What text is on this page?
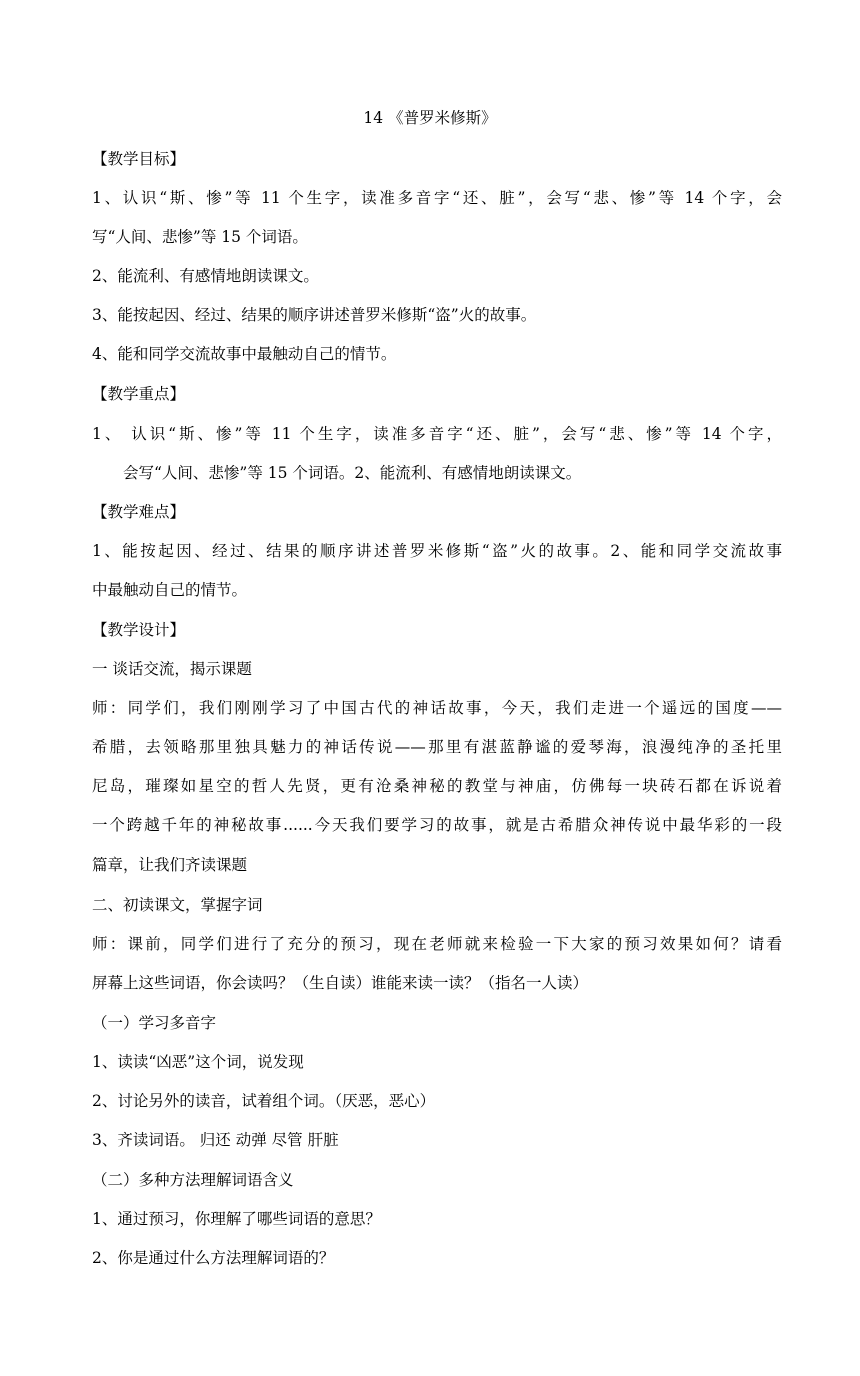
14 《普罗米修斯》
【教学目标】
1、认识“斯、惨”等 11 个生字，读准多音字“还、脏”，会写“悲、惨”等 14 个字，会
写“人间、悲惨”等 15 个词语。
2、能流利、有感情地朗读课文。
3、能按起因、经过、结果的顺序讲述普罗米修斯“盗”火的故事。
4、能和同学交流故事中最触动自己的情节。
【教学重点】
1、 认识“斯、惨”等 11 个生字，读准多音字“还、脏”，会写“悲、惨”等 14 个字，
会写“人间、悲惨”等 15 个词语。2、能流利、有感情地朗读课文。
【教学难点】
1、能按起因、经过、结果的顺序讲述普罗米修斯“盗”火的故事。2、能和同学交流故事
中最触动自己的情节。
【教学设计】
一 谈话交流，揭示课题
师：同学们，我们刚刚学习了中国古代的神话故事，今天，我们走进一个遥远的国度——
希腊，去领略那里独具魅力的神话传说——那里有湛蓝静谧的爱琴海，浪漫纯净的圣托里
尼岛，璀璨如星空的哲人先贤，更有沧桑神秘的教堂与神庙，仿佛每一块砖石都在诉说着
一个跨越千年的神秘故事......今天我们要学习的故事，就是古希腊众神传说中最华彩的一段
篇章，让我们齐读课题
二、初读课文，掌握字词
师：课前，同学们进行了充分的预习，现在老师就来检验一下大家的预习效果如何？请看
屏幕上这些词语，你会读吗？（生自读）谁能来读一读？（指名一人读）
（一）学习多音字
1、读读“凶恶”这个词，说发现
2、讨论另外的读音，试着组个词。（厌恶，恶心）
3、齐读词语。 归还 动弹 尽管 肝脏
（二）多种方法理解词语含义
1、通过预习，你理解了哪些词语的意思？
2、你是通过什么方法理解词语的？
